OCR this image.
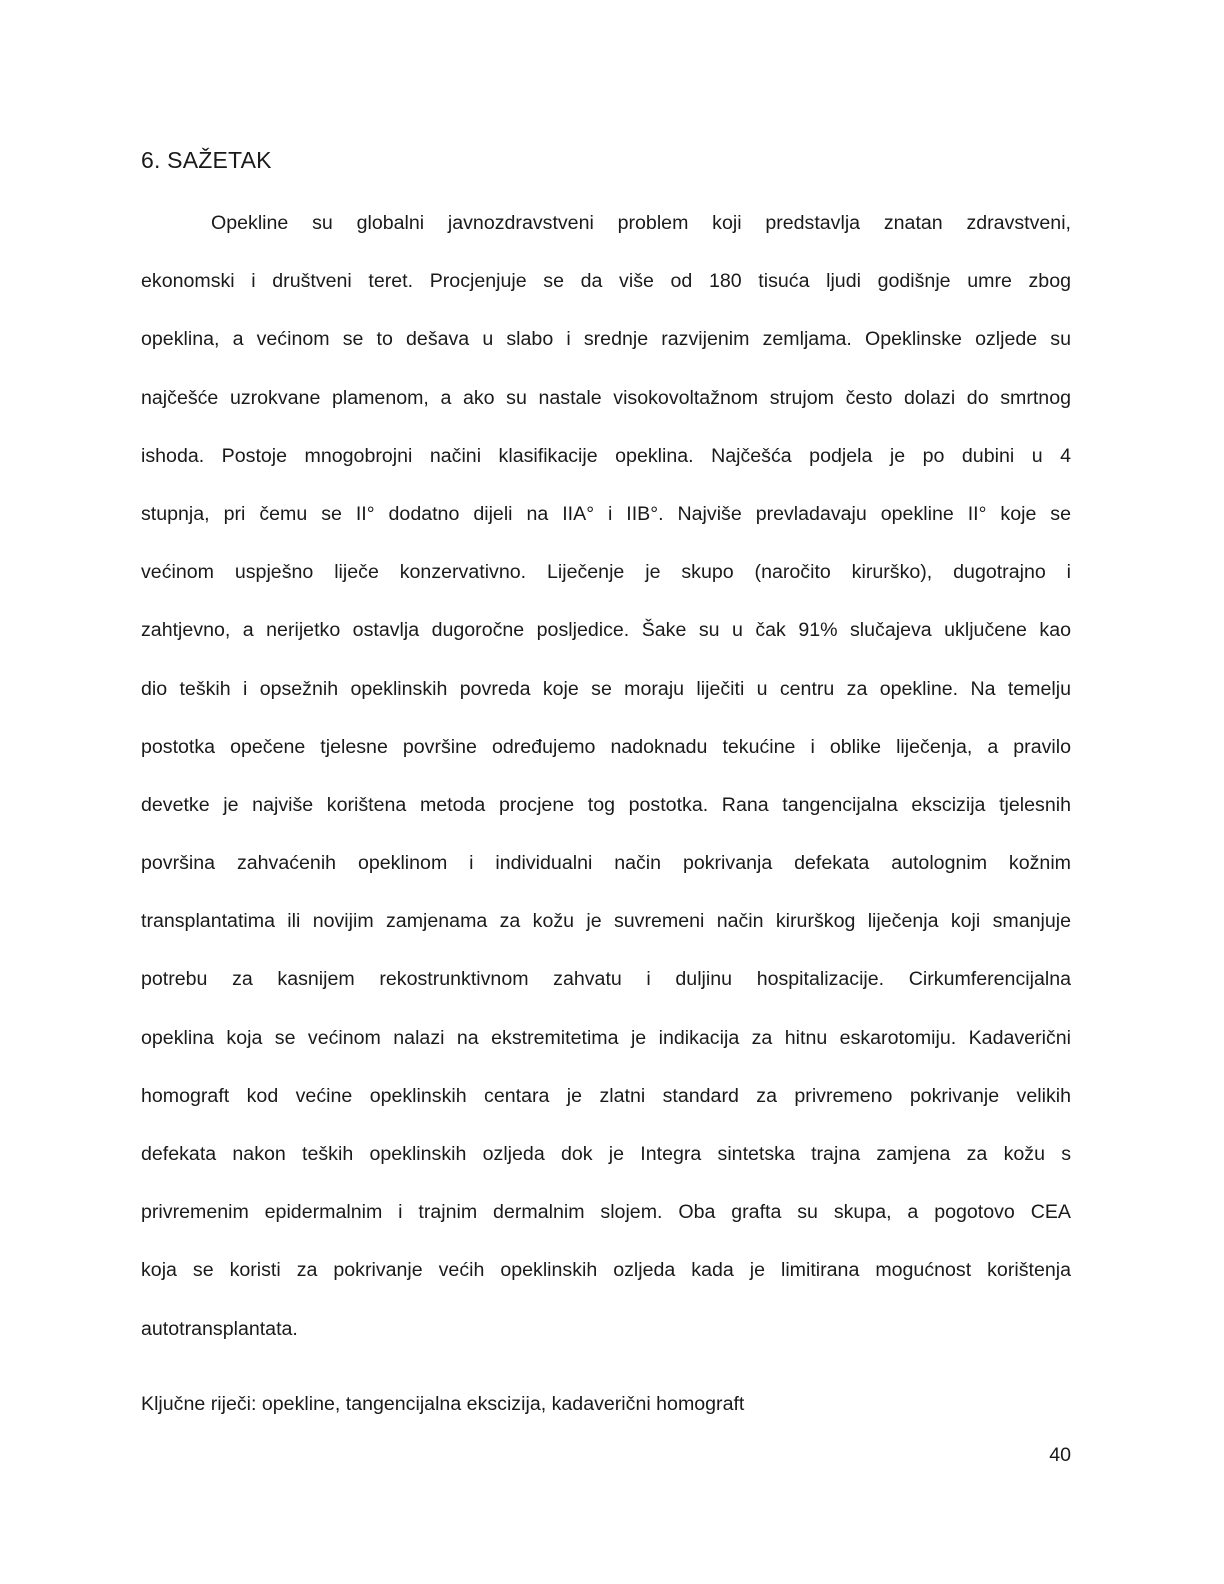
6. SAŽETAK
Opekline su globalni javnozdravstveni problem koji predstavlja znatan zdravstveni,
ekonomski i društveni teret. Procjenjuje se da više od 180 tisuća ljudi godišnje umre zbog
opeklina, a većinom se to dešava u slabo i srednje razvijenim zemljama. Opeklinske ozljede su
najčešće uzrokvane plamenom, a ako su nastale visokovoltažnom strujom često dolazi do smrtnog
ishoda. Postoje mnogobrojni načini klasifikacije opeklina. Najčešća podjela je po dubini u 4
stupnja, pri čemu se II° dodatno dijeli na IIA° i IIB°. Najviše prevladavaju opekline II° koje se
većinom uspješno liječe konzervativno. Liječenje je skupo (naročito kirurško), dugotrajno i
zahtjevno, a nerijetko ostavlja dugoročne posljedice. Šake su u čak 91% slučajeva uključene kao
dio teških i opsežnih opeklinskih povreda koje se moraju liječiti u centru za opekline. Na temelju
postotka opečene tjelesne površine određujemo nadoknadu tekućine i oblike liječenja, a pravilo
devetke je najviše korištena metoda procjene tog postotka. Rana tangencijalna ekscizija tjelesnih
površina zahvaćenih opeklinom i individualni način pokrivanja defekata autolognim kožnim
transplantatima ili novijim zamjenama za kožu je suvremeni način kirurškog liječenja koji smanjuje
potrebu za kasnijem rekostrunktivnom zahvatu i duljinu hospitalizacije. Cirkumferencijalna
opeklina koja se većinom nalazi na ekstremitetima je indikacija za hitnu eskarotomiju. Kadaverični
homograft kod većine opeklinskih centara je zlatni standard za privremeno pokrivanje velikih
defekata nakon teških opeklinskih ozljeda dok je Integra sintetska trajna zamjena za kožu s
privremenim epidermalnim i trajnim dermalnim slojem. Oba grafta su skupa, a pogotovo CEA
koja se koristi za pokrivanje većih opeklinskih ozljeda kada je limitirana mogućnost korištenja
autotransplantata.
Ključne riječi: opekline, tangencijalna ekscizija, kadaverični homograft
40
